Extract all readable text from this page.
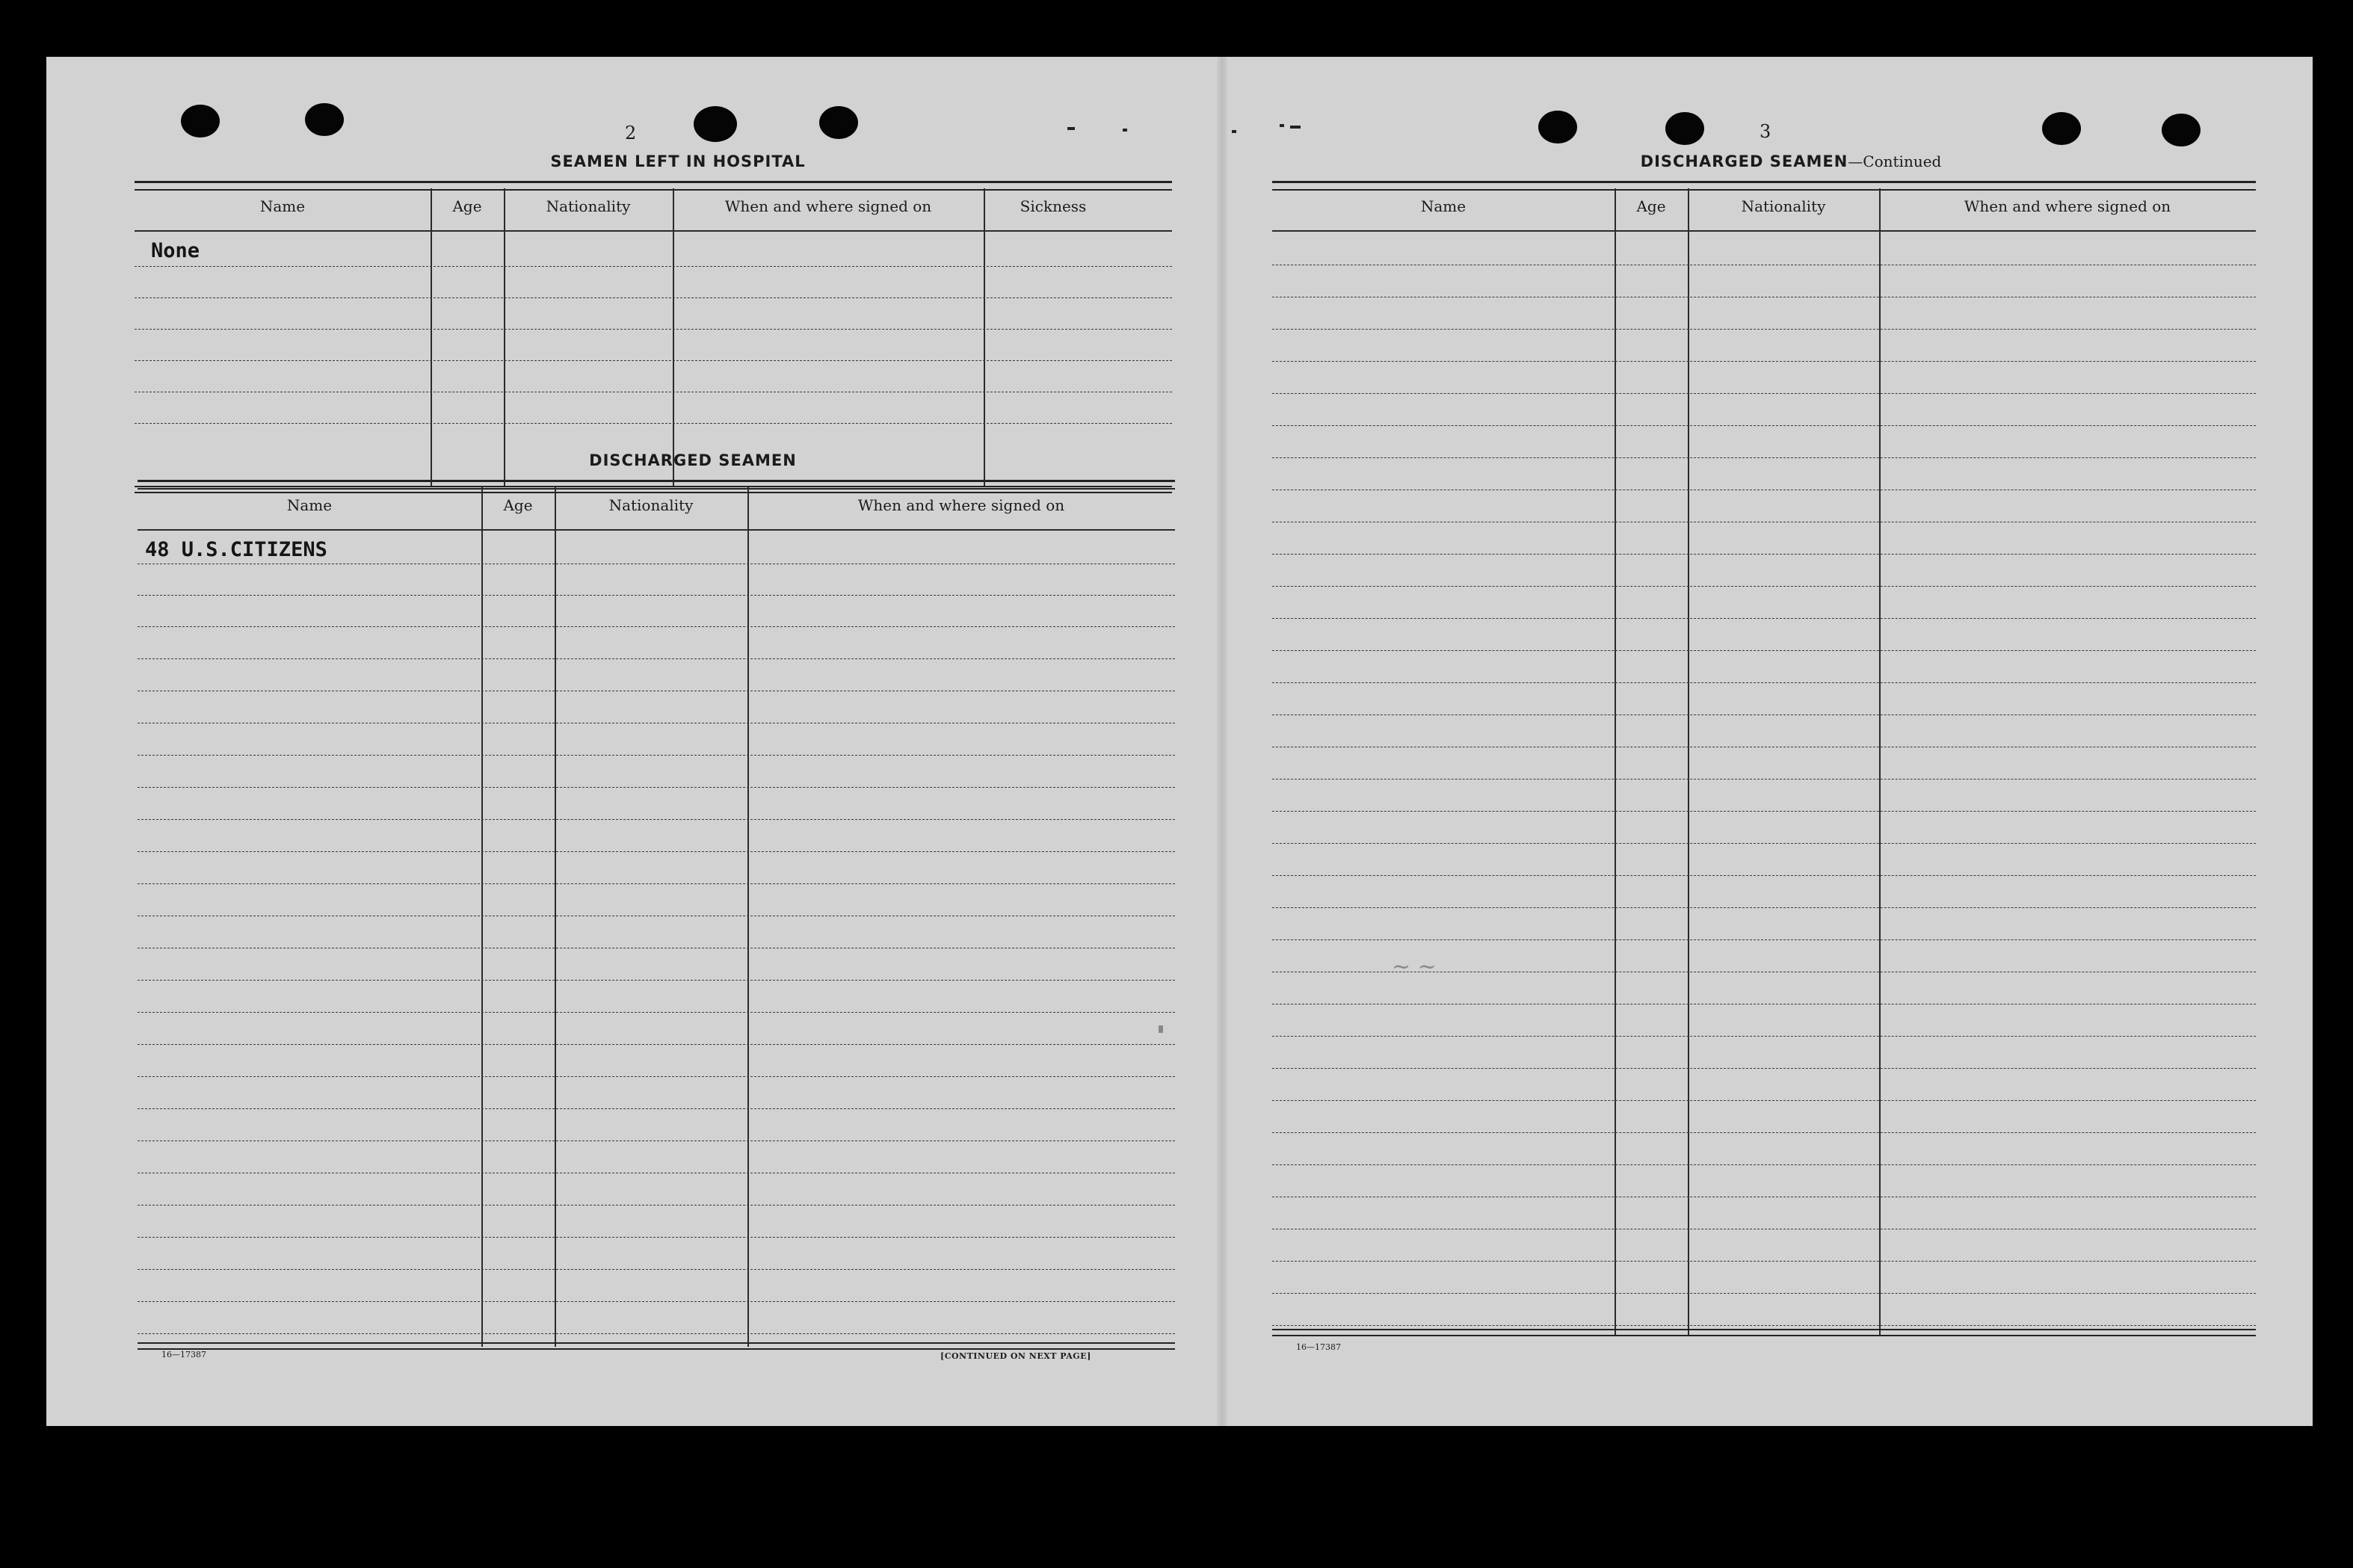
2
SEAMEN LEFT IN HOSPITAL
Name	Age	Nationality	When and where signed on	Sickness
None
DISCHARGED SEAMEN
Name	Age	Nationality	When and where signed on
48 U.S.CITIZENS
16—17387	[CONTINUED ON NEXT PAGE]
3
DISCHARGED SEAMEN—Continued
Name	Age	Nationality	When and where signed on
16—17387
~ ~
